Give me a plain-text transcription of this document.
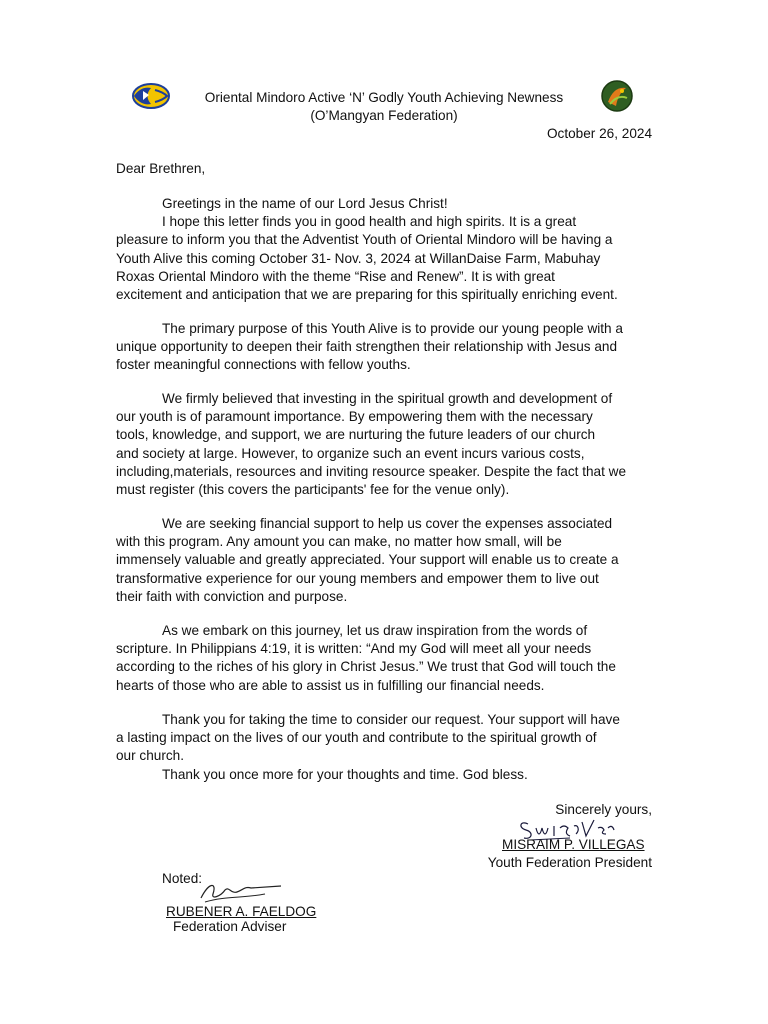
Oriental Mindoro Active ‘N’ Godly Youth Achieving Newness
(O’Mangyan Federation)
October 26, 2024
Dear Brethren,
Greetings in the name of our Lord Jesus Christ!
I hope this letter finds you in good health and high spirits. It is a great
pleasure to inform you that the Adventist Youth of Oriental Mindoro will be having a
Youth Alive this coming October 31- Nov. 3, 2024 at WillanDaise Farm, Mabuhay
Roxas Oriental Mindoro with the theme “Rise and Renew”. It is with great
excitement and anticipation that we are preparing for this spiritually enriching event.
The primary purpose of this Youth Alive is to provide our young people with a
unique opportunity to deepen their faith strengthen their relationship with Jesus and
foster meaningful connections with fellow youths.
We firmly believed that investing in the spiritual growth and development of
our youth is of paramount importance. By empowering them with the necessary
tools, knowledge, and support, we are nurturing the future leaders of our church
and society at large. However, to organize such an event incurs various costs,
including,materials, resources and inviting resource speaker. Despite the fact that we
must register (this covers the participants' fee for the venue only).
We are seeking financial support to help us cover the expenses associated
with this program. Any amount you can make, no matter how small, will be
immensely valuable and greatly appreciated. Your support will enable us to create a
transformative experience for our young members and empower them to live out
their faith with conviction and purpose.
As we embark on this journey, let us draw inspiration from the words of
scripture. In Philippians 4:19, it is written: “And my God will meet all your needs
according to the riches of his glory in Christ Jesus.” We trust that God will touch the
hearts of those who are able to assist us in fulfilling our financial needs.
Thank you for taking the time to consider our request. Your support will have
a lasting impact on the lives of our youth and contribute to the spiritual growth of
our church.
Thank you once more for your thoughts and time. God bless.
Sincerely yours,
MISRAIM P. VILLEGAS
Youth Federation President
Noted:
RUBENER A. FAELDOG
Federation Adviser
